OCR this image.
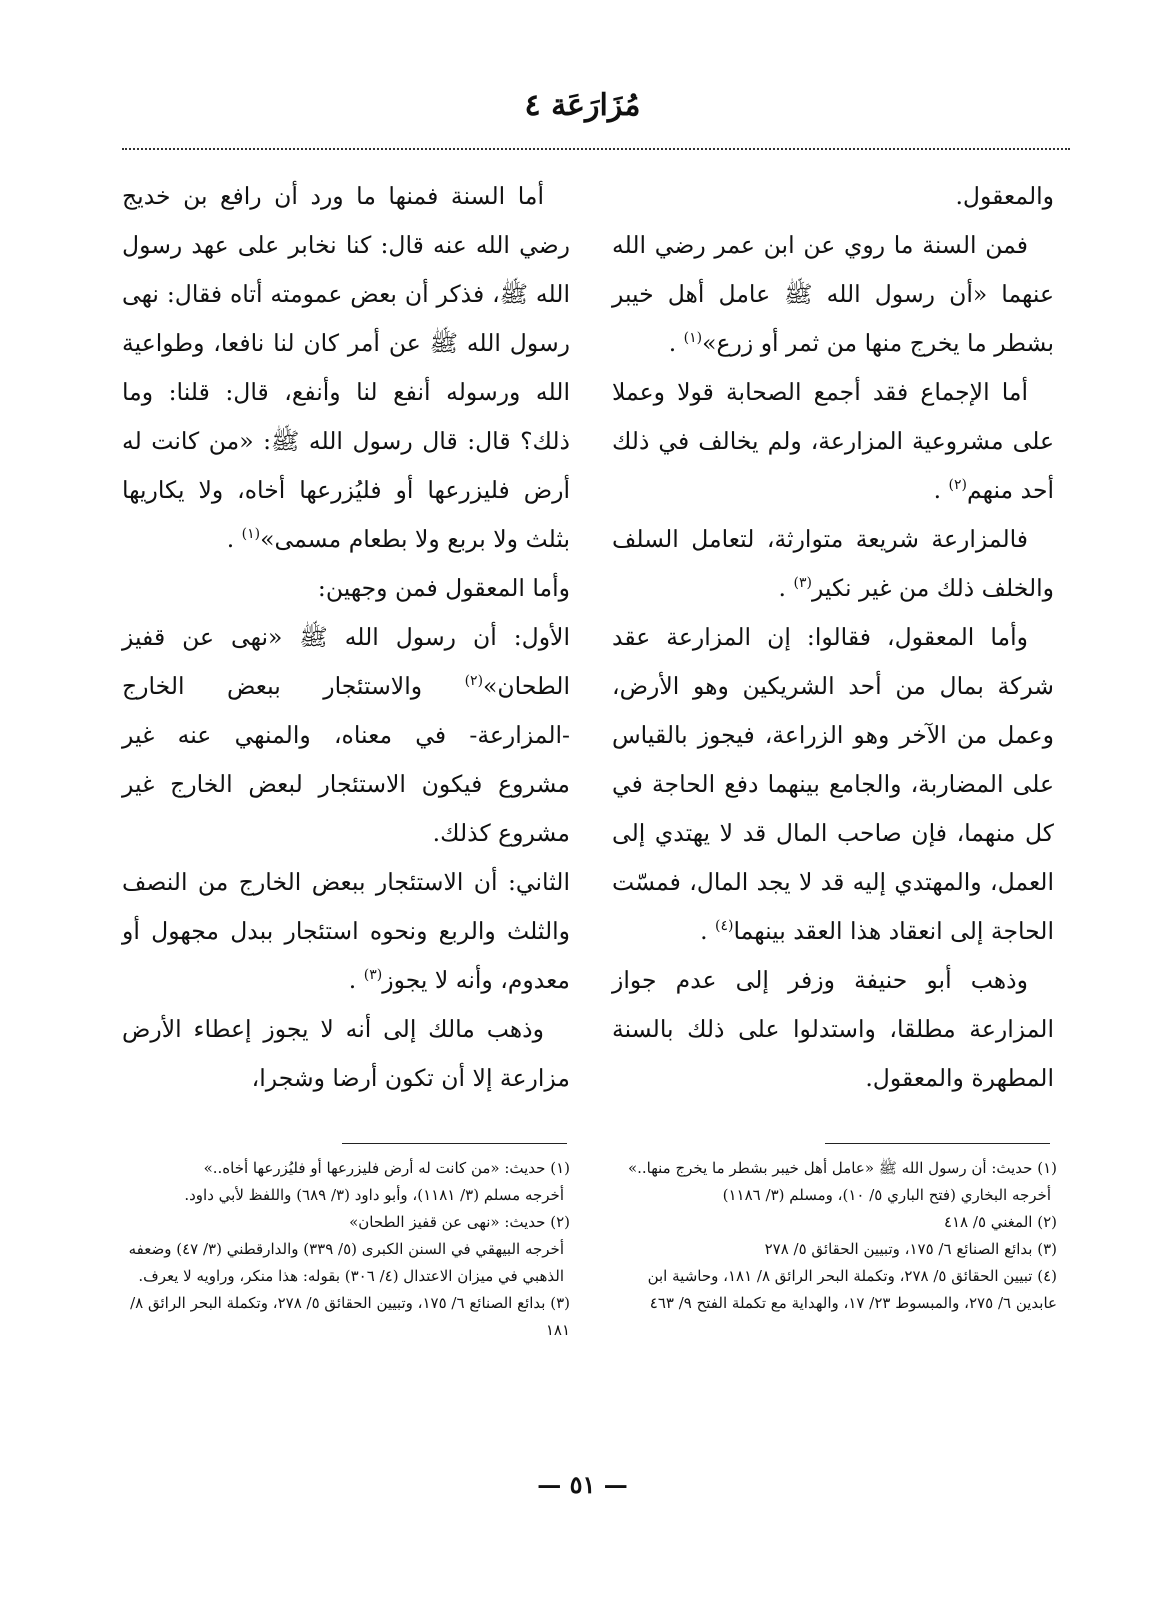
مُزَارَعَة ٤

والمعقول.

فمن السنة ما روي عن ابن عمر رضي الله عنهما «أن رسول الله ﷺ عامل أهل خيبر بشطر ما يخرج منها من ثمر أو زرع»$^{(١)}$ .

أما الإجماع فقد أجمع الصحابة قولا وعملا على مشروعية المزارعة، ولم يخالف في ذلك أحد منهم$^{(٢)}$ .

فالمزارعة شريعة متوارثة، لتعامل السلف والخلف ذلك من غير نكير$^{(٣)}$ .

وأما المعقول، فقالوا: إن المزارعة عقد شركة بمال من أحد الشريكين وهو الأرض، وعمل من الآخر وهو الزراعة، فيجوز بالقياس على المضاربة، والجامع بينهما دفع الحاجة في كل منهما، فإن صاحب المال قد لا يهتدي إلى العمل، والمهتدي إليه قد لا يجد المال، فمسّت الحاجة إلى انعقاد هذا العقد بينهما$^{(٤)}$ .

وذهب أبو حنيفة وزفر إلى عدم جواز المزارعة مطلقا، واستدلوا على ذلك بالسنة المطهرة والمعقول.

أما السنة فمنها ما ورد أن رافع بن خديج رضي الله عنه قال: كنا نخابر على عهد رسول الله ﷺ، فذكر أن بعض عمومته أتاه فقال: نهى رسول الله ﷺ عن أمر كان لنا نافعا، وطواعية الله ورسوله أنفع لنا وأنفع، قال: قلنا: وما ذلك؟ قال: قال رسول الله ﷺ: «من كانت له أرض فليزرعها أو فليُزرعها أخاه، ولا يكاريها بثلث ولا بربع ولا بطعام مسمى»$^{(١)}$ .

وأما المعقول فمن وجهين:

الأول: أن رسول الله ﷺ «نهى عن قفيز الطحان»$^{(٢)}$ والاستئجار ببعض الخارج -المزارعة- في معناه، والمنهي عنه غير مشروع فيكون الاستئجار لبعض الخارج غير مشروع كذلك.

الثاني: أن الاستئجار ببعض الخارج من النصف والثلث والربع ونحوه استئجار ببدل مجهول أو معدوم، وأنه لا يجوز$^{(٣)}$ .

وذهب مالك إلى أنه لا يجوز إعطاء الأرض مزارعة إلا أن تكون أرضا وشجرا،

(١) حديث: أن رسول الله ﷺ «عامل أهل خيبر بشطر ما يخرج منها..»

أخرجه البخاري (فتح الباري ٥/ ١٠)، ومسلم (٣/ ١١٨٦)

(٢) المغني ٥/ ٤١٨

(٣) بدائع الصنائع ٦/ ١٧٥، وتبيين الحقائق ٥/ ٢٧٨

(٤) تبيين الحقائق ٥/ ٢٧٨، وتكملة البحر الرائق ٨/ ١٨١، وحاشية ابن عابدين ٦/ ٢٧٥، والمبسوط ٢٣/ ١٧، والهداية مع تكملة الفتح ٩/ ٤٦٣

(١) حديث: «من كانت له أرض فليزرعها أو فليُزرعها أخاه..»

أخرجه مسلم (٣/ ١١٨١)، وأبو داود (٣/ ٦٨٩) واللفظ لأبي داود.

(٢) حديث: «نهى عن قفيز الطحان»

أخرجه البيهقي في السنن الكبرى (٥/ ٣٣٩) والدارقطني (٣/ ٤٧) وضعفه الذهبي في ميزان الاعتدال (٤/ ٣٠٦) بقوله: هذا منكر، وراويه لا يعرف.

(٣) بدائع الصنائع ٦/ ١٧٥، وتبيين الحقائق ٥/ ٢٧٨، وتكملة البحر الرائق ٨/ ١٨١

— ٥١ —
